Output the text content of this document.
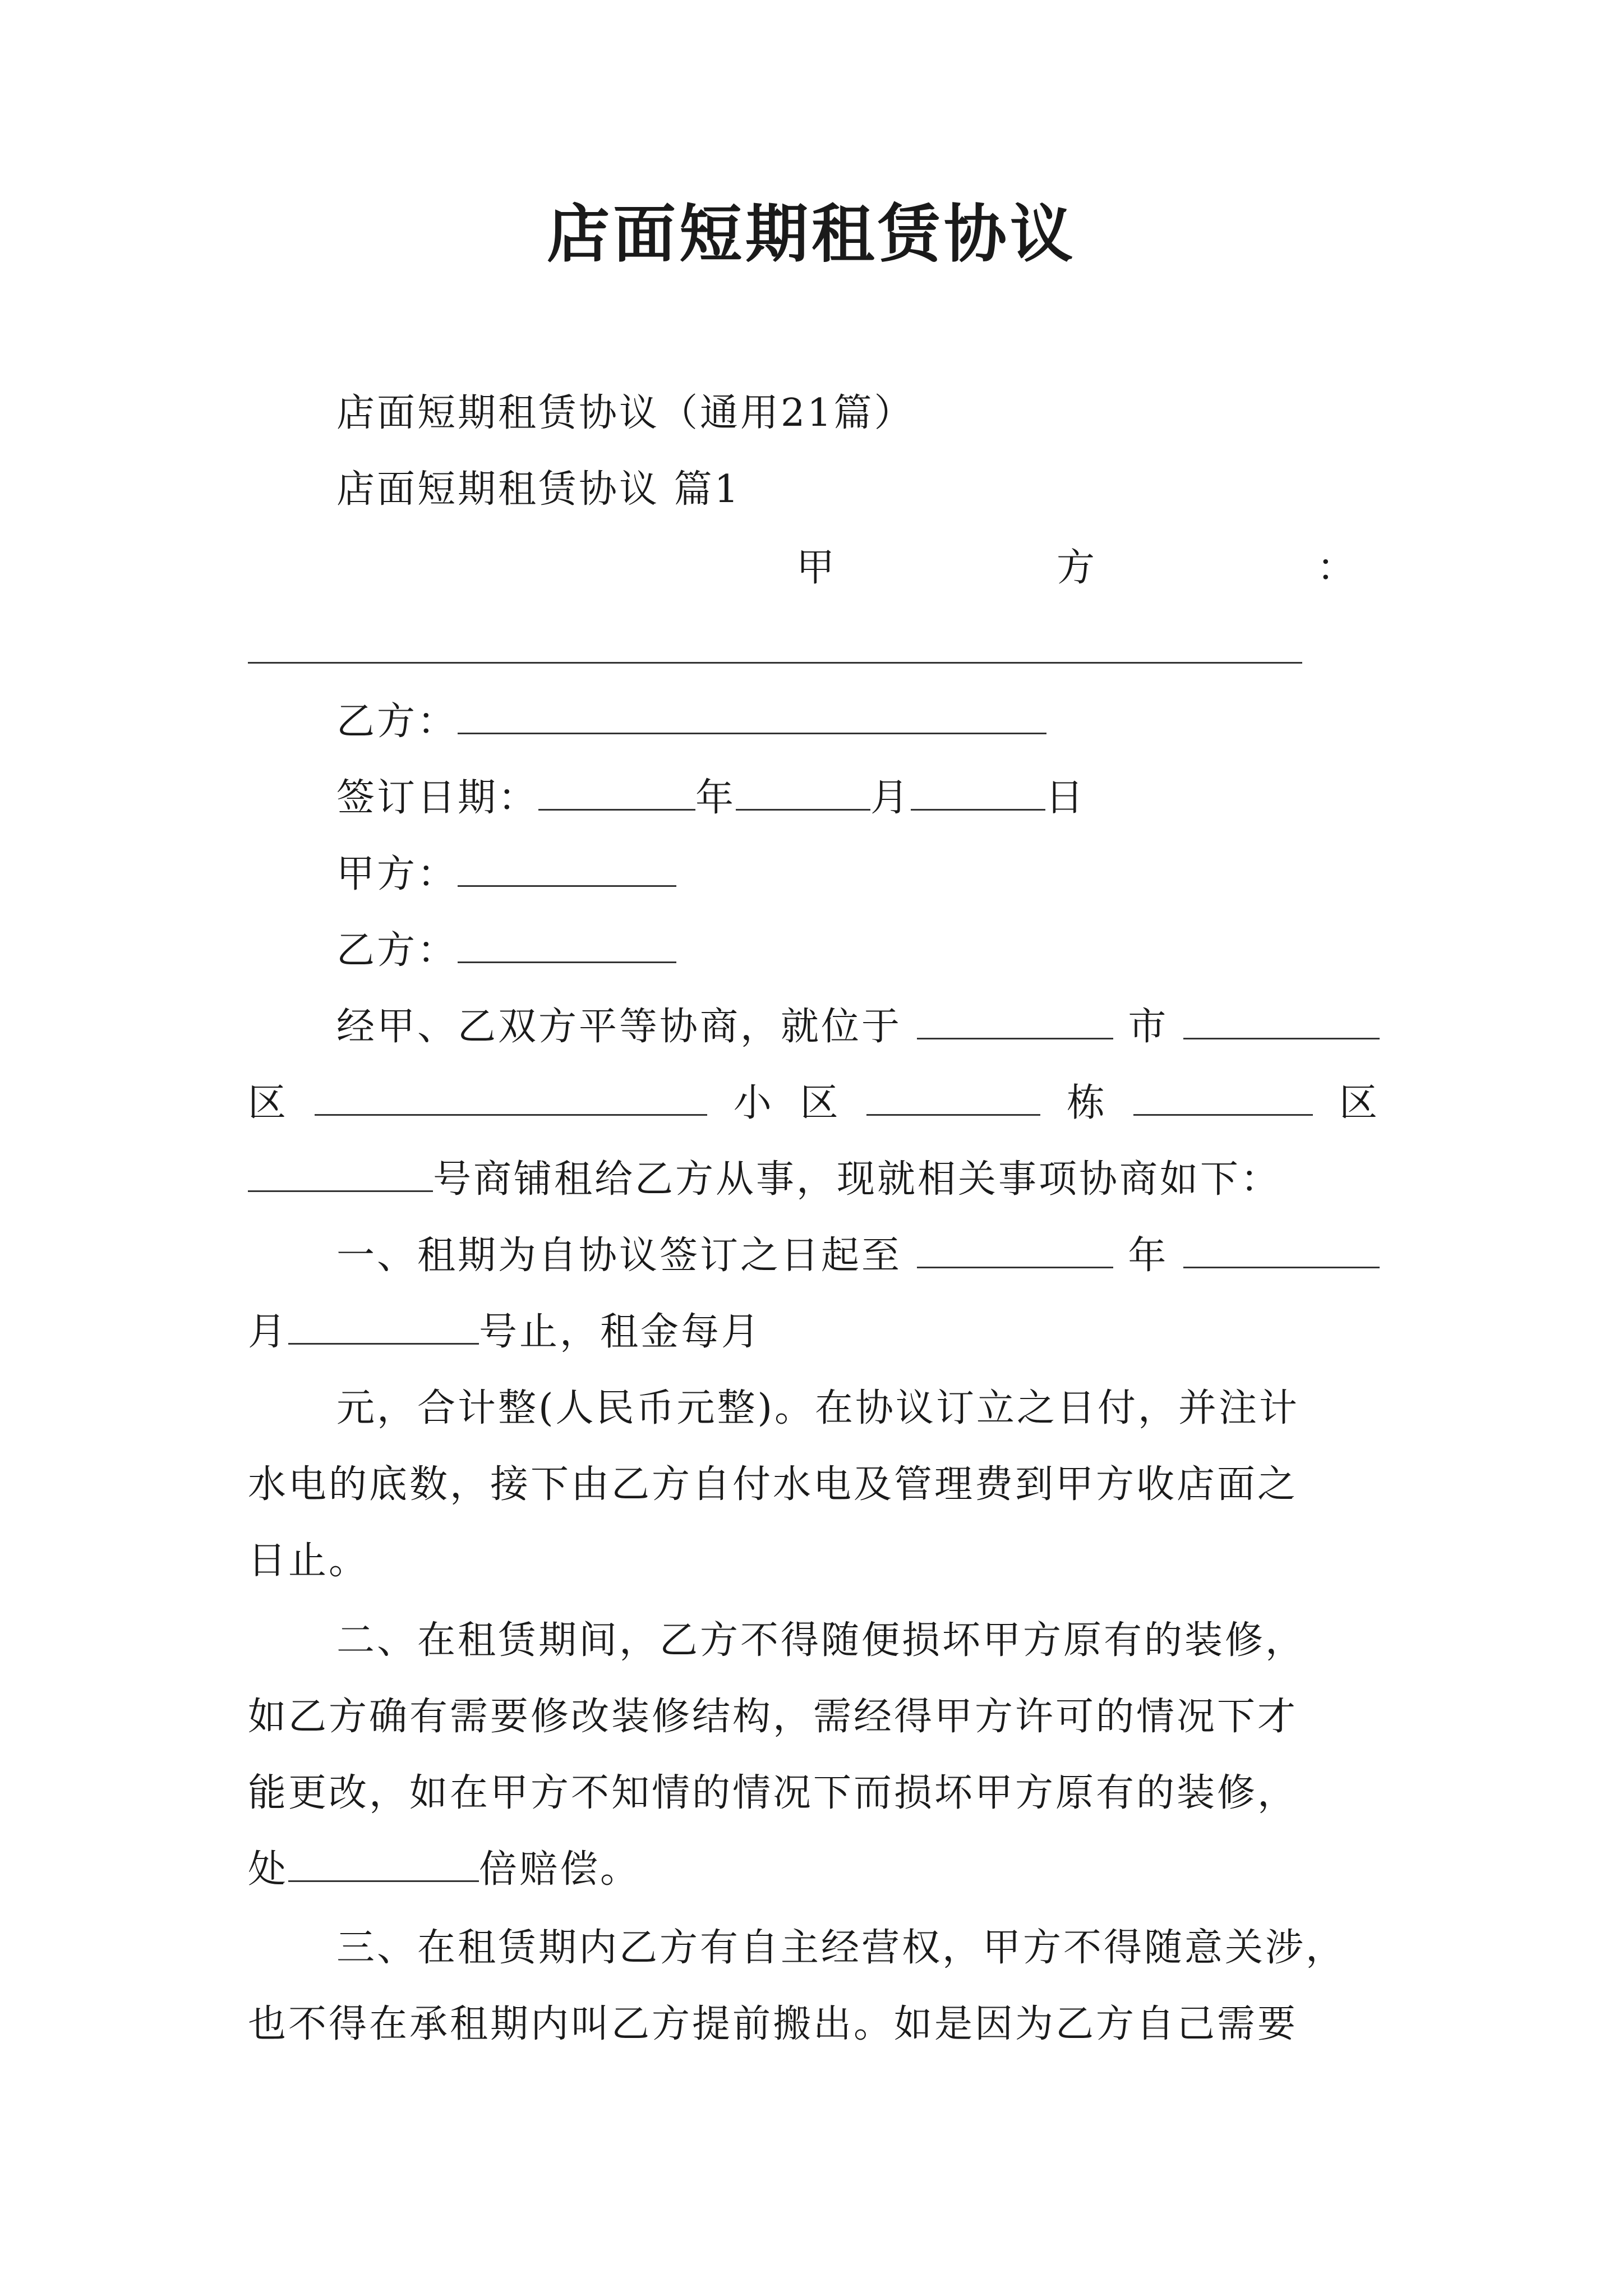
店面短期租赁协议
店面短期租赁协议（通用21篇）
店面短期租赁协议 篇1
甲	方	：
乙方：
签订日期：	年	月	日
甲方：
乙方：
经甲、乙双方平等协商，就位于	市
区	小 区	栋	区
号商铺租给乙方从事，现就相关事项协商如下：
一、租期为自协议签订之日起至	年
月	号止，租金每月
元，合计整(人民币元整)。在协议订立之日付，并注计
水电的底数，接下由乙方自付水电及管理费到甲方收店面之
日止。
二、在租赁期间，乙方不得随便损坏甲方原有的装修，
如乙方确有需要修改装修结构，需经得甲方许可的情况下才
能更改，如在甲方不知情的情况下而损坏甲方原有的装修，
处	倍赔偿。
三、在租赁期内乙方有自主经营权，甲方不得随意关涉，
也不得在承租期内叫乙方提前搬出。如是因为乙方自己需要
